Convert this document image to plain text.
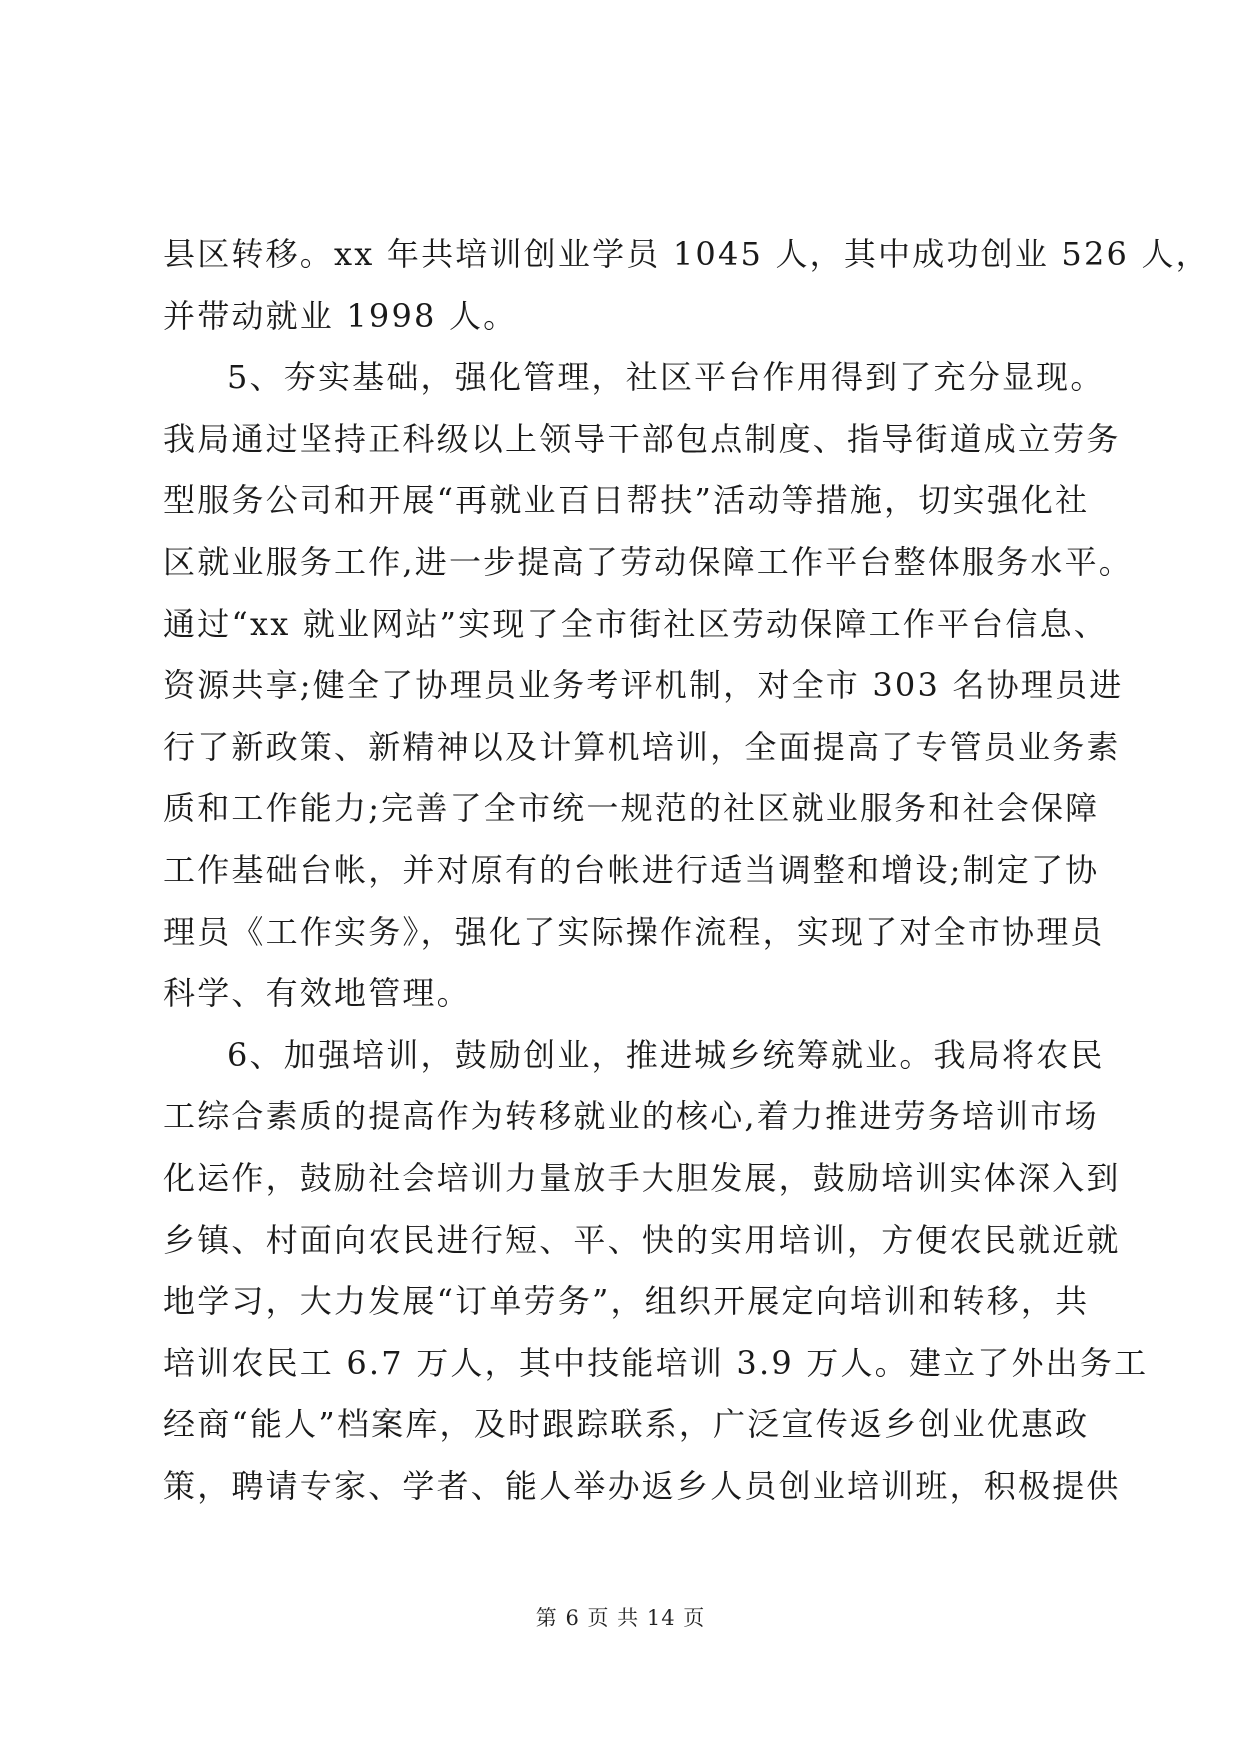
县区转移。xx 年共培训创业学员 1045 人，其中成功创业 526 人，
并带动就业 1998 人。
5、夯实基础，强化管理，社区平台作用得到了充分显现。
我局通过坚持正科级以上领导干部包点制度、指导街道成立劳务
型服务公司和开展“再就业百日帮扶”活动等措施，切实强化社
区就业服务工作,进一步提高了劳动保障工作平台整体服务水平。
通过“xx 就业网站”实现了全市街社区劳动保障工作平台信息、
资源共享;健全了协理员业务考评机制，对全市 303 名协理员进
行了新政策、新精神以及计算机培训，全面提高了专管员业务素
质和工作能力;完善了全市统一规范的社区就业服务和社会保障
工作基础台帐，并对原有的台帐进行适当调整和增设;制定了协
理员《工作实务》，强化了实际操作流程，实现了对全市协理员
科学、有效地管理。
6、加强培训，鼓励创业，推进城乡统筹就业。我局将农民
工综合素质的提高作为转移就业的核心,着力推进劳务培训市场
化运作，鼓励社会培训力量放手大胆发展，鼓励培训实体深入到
乡镇、村面向农民进行短、平、快的实用培训，方便农民就近就
地学习，大力发展“订单劳务”，组织开展定向培训和转移，共
培训农民工 6.7 万人，其中技能培训 3.9 万人。建立了外出务工
经商“能人”档案库，及时跟踪联系，广泛宣传返乡创业优惠政
策，聘请专家、学者、能人举办返乡人员创业培训班，积极提供
第 6 页 共 14 页
